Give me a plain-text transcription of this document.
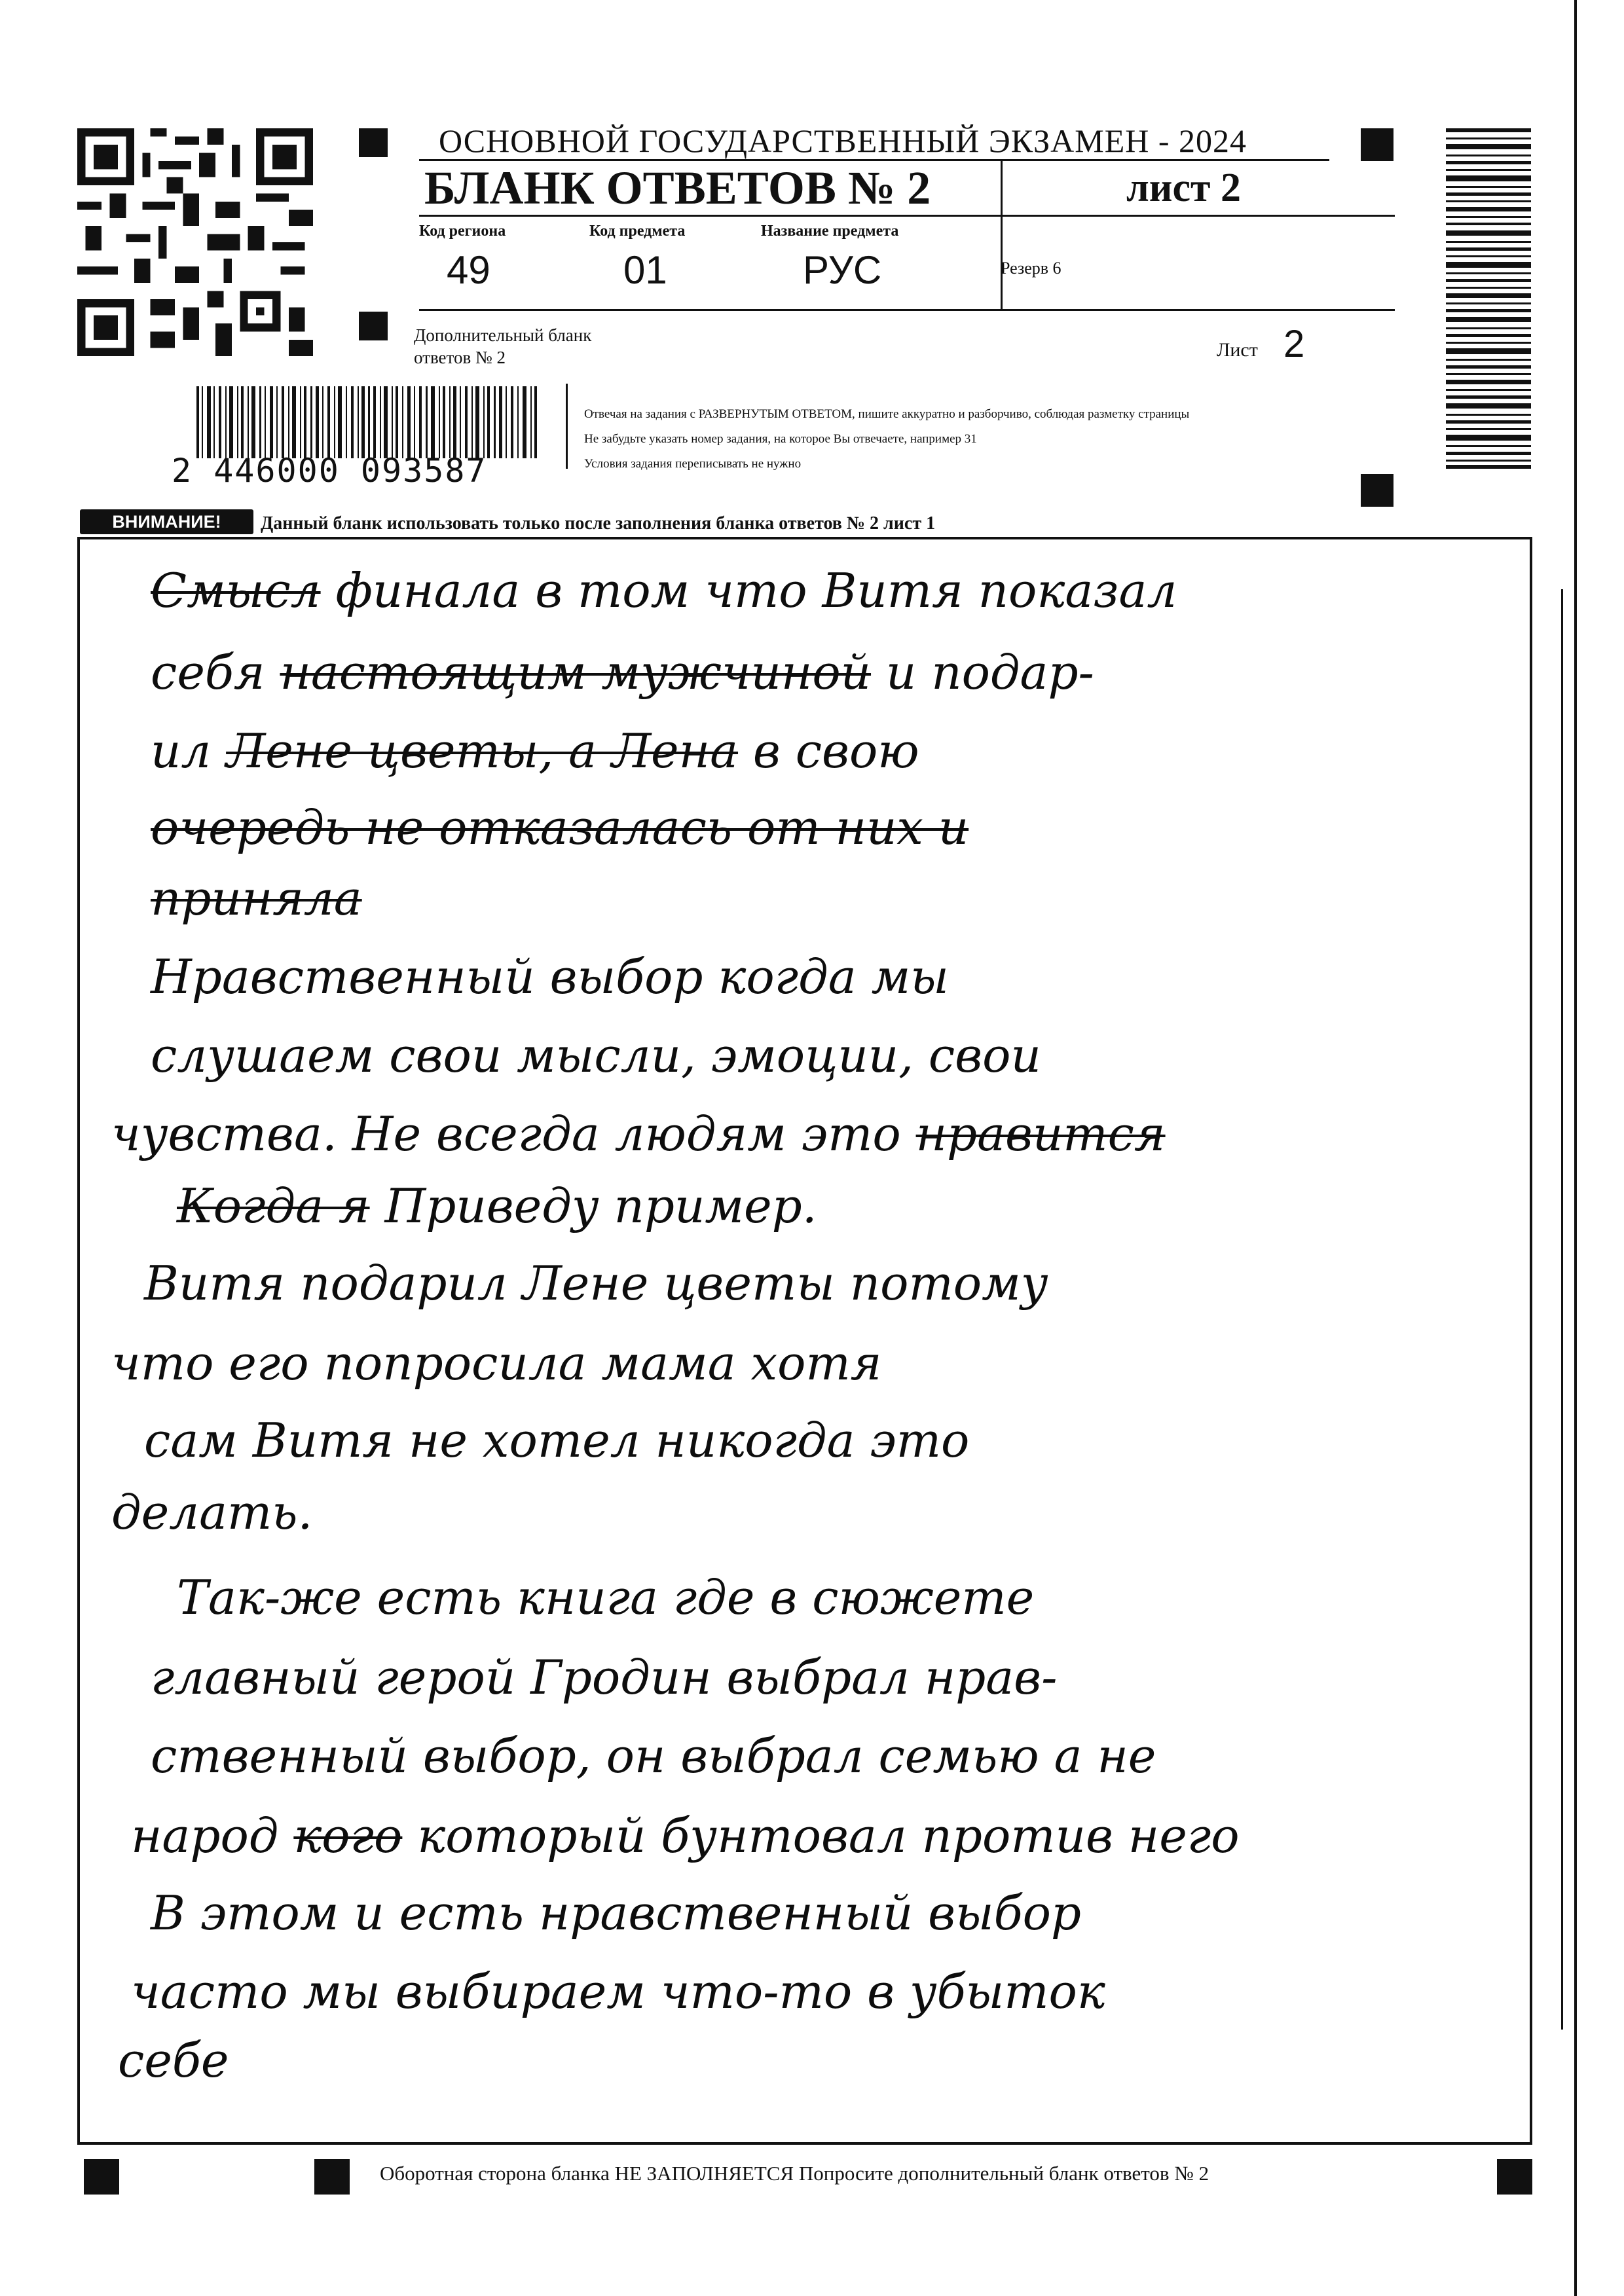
2 446000 093587
ОСНОВНОЙ ГОСУДАРСТВЕННЫЙ ЭКЗАМЕН - 2024
БЛАНК ОТВЕТОВ № 2	лист 2
Код региона
49
Код предмета
01
Название предмета
РУС	Резерв 6
Дополнительный бланк ответов № 2	Лист 2
Отвечая на задания с РАЗВЕРНУТЫМ ОТВЕТОМ, пишите аккуратно и разборчиво, соблюдая разметку страницы
Не забудьте указать номер задания, на которое Вы отвечаете, например 31
Условия задания переписывать не нужно
ВНИМАНИЕ!	Данный бланк использовать только после заполнения бланка ответов № 2 лист 1
Смысл финала в том что Витя показал
себя настоящим мужчиной и подар-
ил Лене цветы, а Лена в свою
очередь не отказалась от них и
приняла
Нравственный выбор когда мы
слушаем свои мысли, эмоции, свои
чувства. Не всегда людям это нравится
Когда я Приведу пример.
Витя подарил Лене цветы потому
что его попросила мама хотя
сам Витя не хотел никогда это
делать.
Так-же есть книга где в сюжете
главный герой Гродин выбрал нрав-
ственный выбор, он выбрал семью а не
народ кого который бунтовал против него
В этом и есть нравственный выбор
часто мы выбираем что-то в убыток
себе
Оборотная сторона бланка НЕ ЗАПОЛНЯЕТСЯ Попросите дополнительный бланк ответов № 2
